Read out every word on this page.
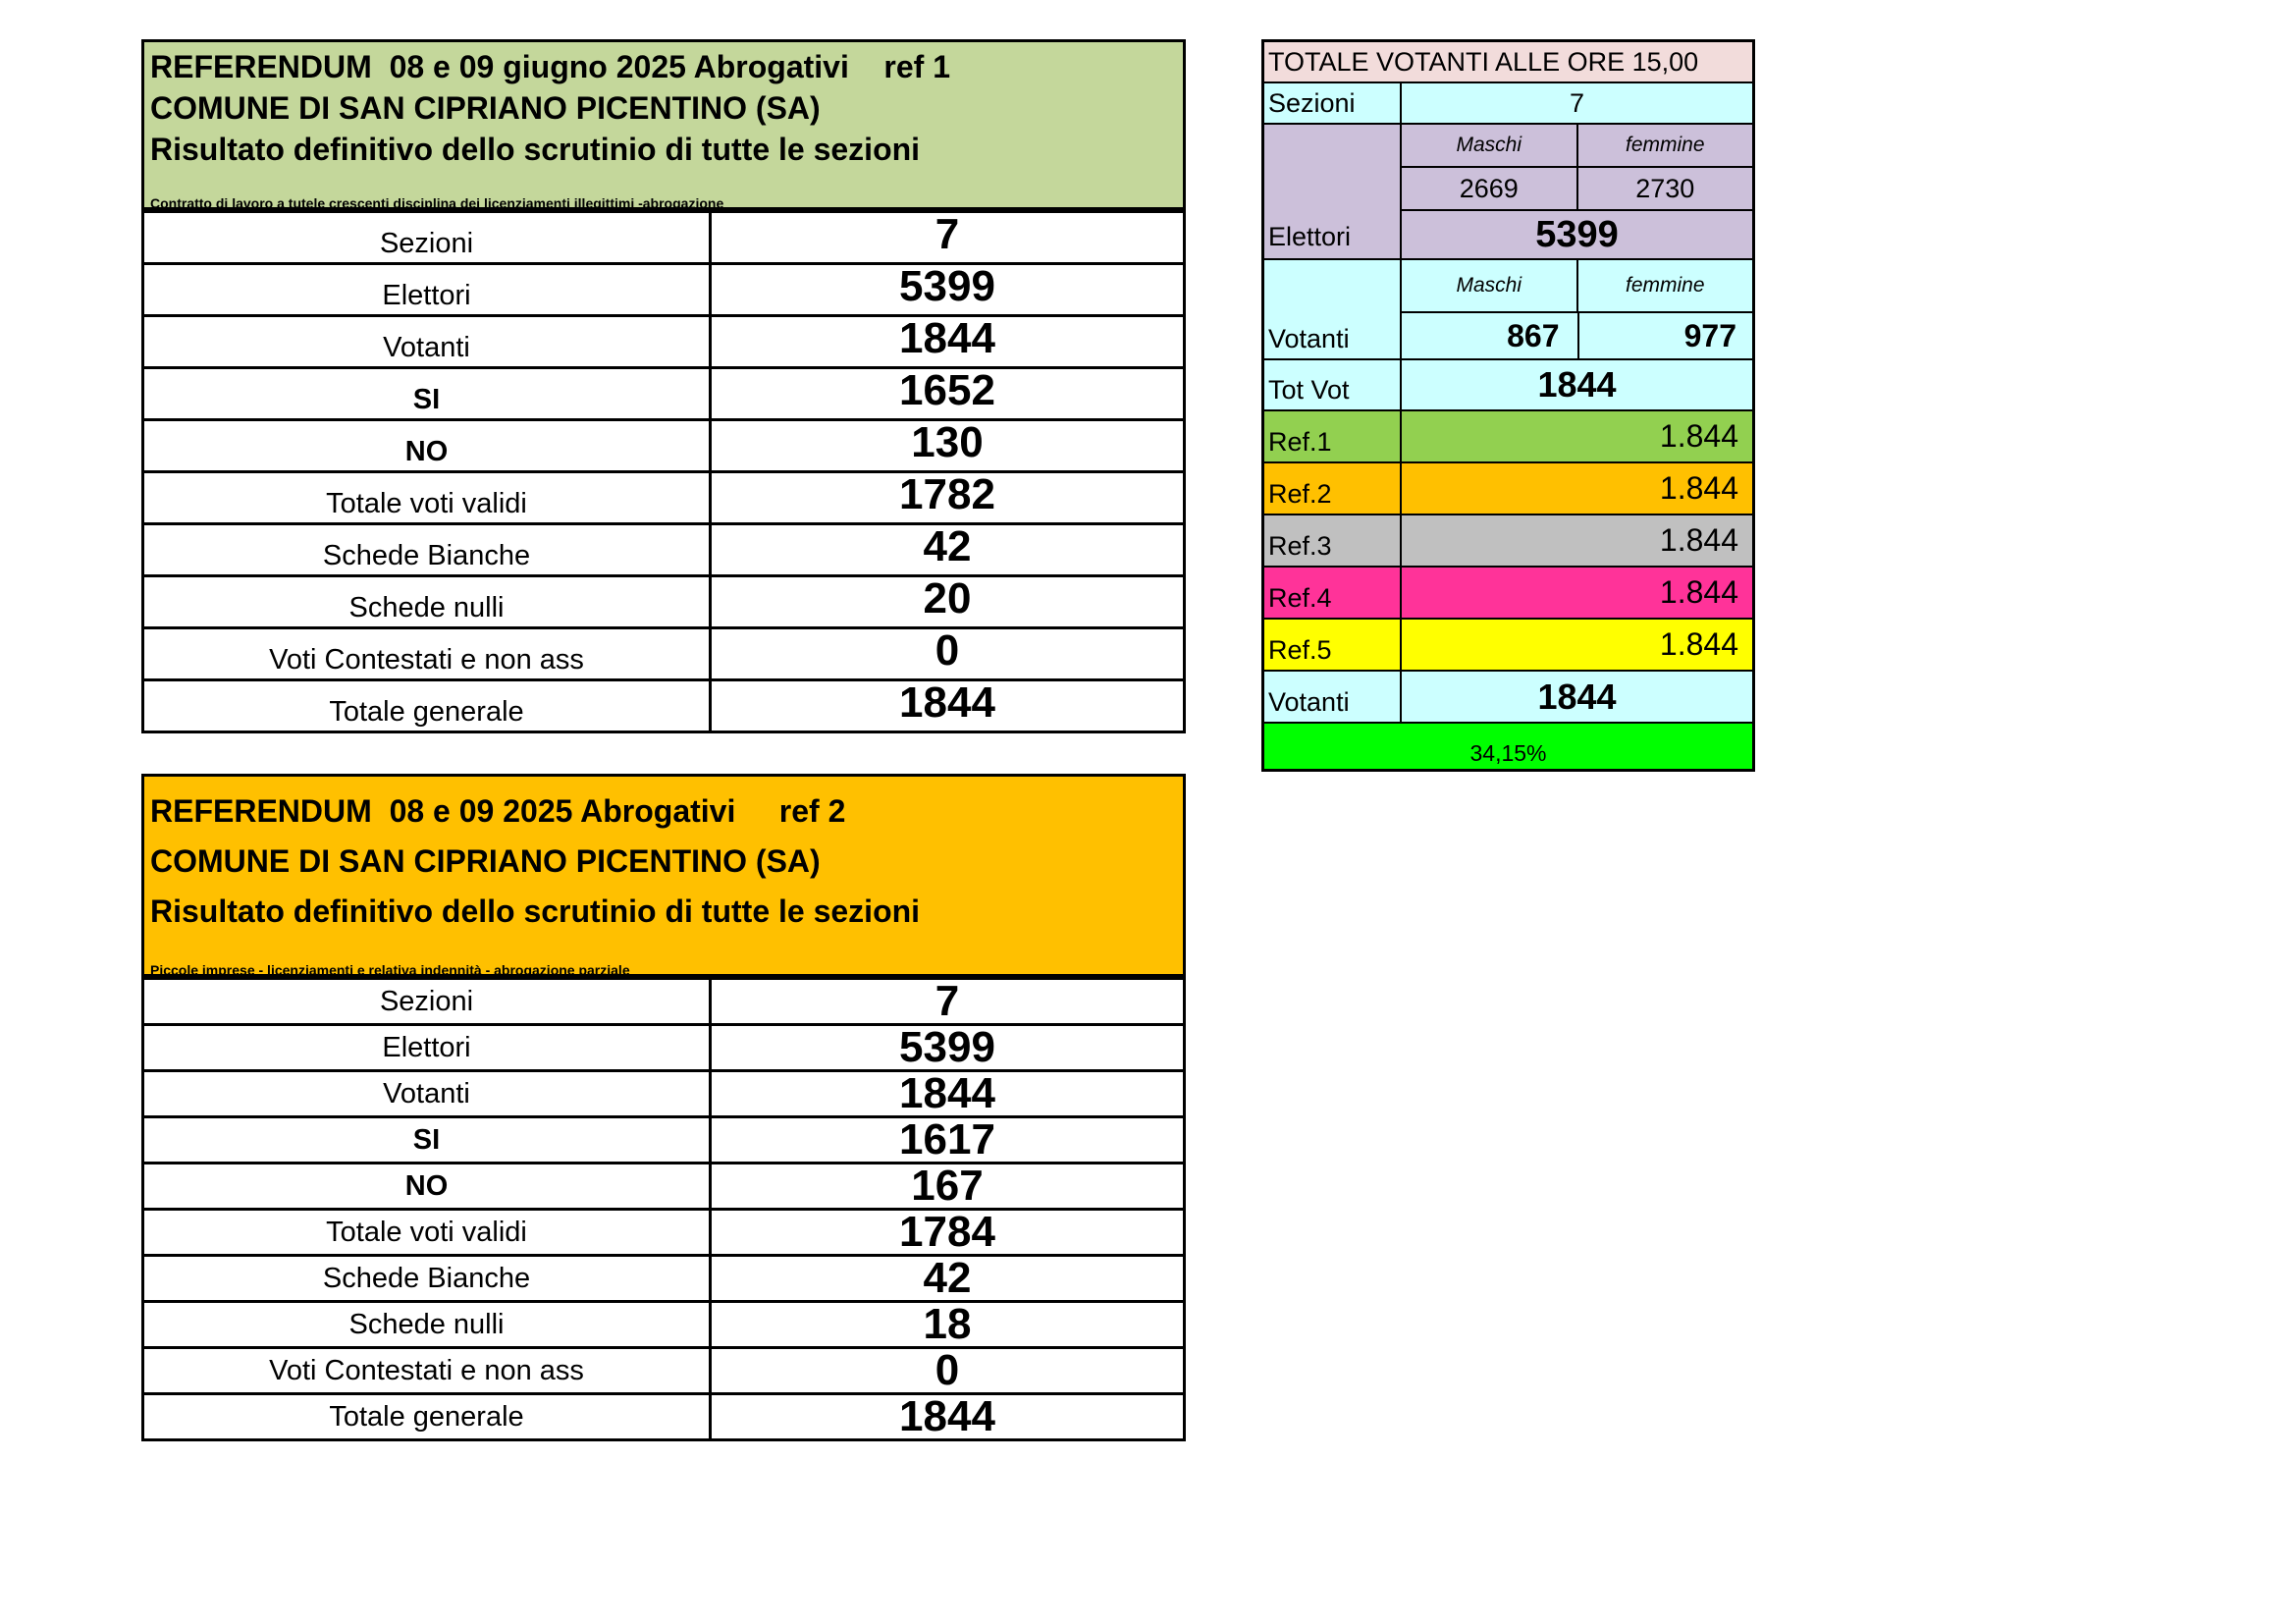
REFERENDUM  08 e 09 giugno 2025 Abrogativi    ref 1
COMUNE DI SAN CIPRIANO PICENTINO (SA)
Risultato definitivo dello scrutinio di tutte le sezioni
Contratto di lavoro a tutele crescenti disciplina dei licenziamenti illegittimi -abrogazione
Sezioni	7
Elettori	5399
Votanti	1844
SI	1652
NO	130
Totale voti validi	1782
Schede Bianche	42
Schede nulli	20
Voti Contestati e non ass	0
Totale generale	1844
REFERENDUM  08 e 09 2025 Abrogativi     ref 2
COMUNE DI SAN CIPRIANO PICENTINO (SA)
Risultato definitivo dello scrutinio di tutte le sezioni
Piccole imprese - licenziamenti e relativa indennità - abrogazione parziale
Sezioni	7
Elettori	5399
Votanti	1844
SI	1617
NO	167
Totale voti validi	1784
Schede Bianche	42
Schede nulli	18
Voti Contestati e non ass	0
Totale generale	1844
TOTALE VOTANTI ALLE ORE 15,00
Sezioni	7
Elettori
Maschi	femmine
2669	2730
5399
Votanti
Maschi	femmine
867	977
Tot Vot	1844
Ref.1	1.844
Ref.2	1.844
Ref.3	1.844
Ref.4	1.844
Ref.5	1.844
Votanti	1844
34,15%
